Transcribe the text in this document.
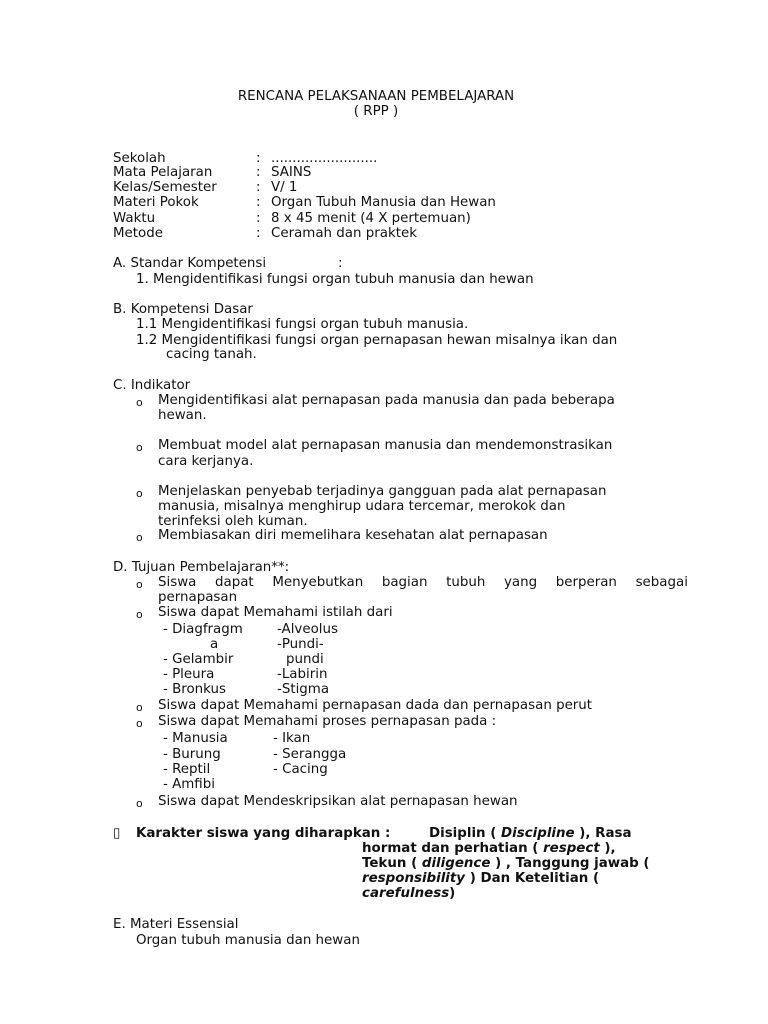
RENCANA PELAKSANAAN PEMBELAJARAN
( RPP )
Sekolah	: .........................
Mata Pelajaran	: SAINS
Kelas/Semester	: V/ 1
Materi Pokok	: Organ Tubuh Manusia dan Hewan
Waktu	: 8 x 45 menit (4 X pertemuan)
Metode	: Ceramah dan praktek
A. Standar Kompetensi	:
1. Mengidentifikasi fungsi organ tubuh manusia dan hewan
B. Kompetensi Dasar
1.1 Mengidentifikasi fungsi organ tubuh manusia.
1.2 Mengidentifikasi fungsi organ pernapasan hewan misalnya ikan dan
cacing tanah.
C. Indikator
o Mengidentifikasi alat pernapasan pada manusia dan pada beberapa
hewan.
o Membuat model alat pernapasan manusia dan mendemonstrasikan
cara kerjanya.
o Menjelaskan penyebab terjadinya gangguan pada alat pernapasan
manusia, misalnya menghirup udara tercemar, merokok dan
terinfeksi oleh kuman.
o Membiasakan diri memelihara kesehatan alat pernapasan
D. Tujuan Pembelajaran**:
o Siswa dapat Menyebutkan bagian tubuh yang berperan sebagai
pernapasan
o Siswa dapat Memahami istilah dari
- Diagfragm	-Alveolus
a	-Pundi-
- Gelambir	pundi
- Pleura	-Labirin
- Bronkus	-Stigma
o Siswa dapat Memahami pernapasan dada dan pernapasan perut
o Siswa dapat Memahami proses pernapasan pada :
- Manusia	- Ikan
- Burung	- Serangga
- Reptil	- Cacing
- Amfibi
o Siswa dapat Mendeskripsikan alat pernapasan hewan
▯ Karakter siswa yang diharapkan :	Disiplin ( Discipline ), Rasa
hormat dan perhatian ( respect ),
Tekun ( diligence ) , Tanggung jawab (
responsibility ) Dan Ketelitian (
carefulness)
E. Materi Essensial
Organ tubuh manusia dan hewan
